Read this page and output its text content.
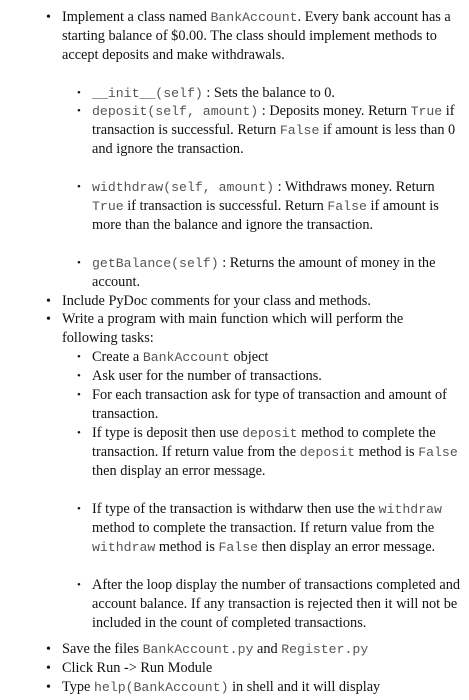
• Implement a class named BankAccount. Every bank account has a starting balance of $0.00. The class should implement methods to accept deposits and make withdrawals.
• __init__(self) : Sets the balance to 0.
• deposit(self, amount) : Deposits money. Return True if transaction is successful. Return False if amount is less than 0 and ignore the transaction.
• widthdraw(self, amount) : Withdraws money. Return True if transaction is successful. Return False if amount is more than the balance and ignore the transaction.
• getBalance(self) : Returns the amount of money in the account.
• Include PyDoc comments for your class and methods.
• Write a program with main function which will perform the following tasks:
• Create a BankAccount object
• Ask user for the number of transactions.
• For each transaction ask for type of transaction and amount of transaction.
• If type is deposit then use deposit method to complete the transaction. If return value from the deposit method is False then display an error message.
• If type of the transaction is withdarw then use the withdraw method to complete the transaction. If return value from the withdraw method is False then display an error message.
• After the loop display the number of transactions completed and account balance. If any transaction is rejected then it will not be included in the count of completed transactions.
• Save the files BankAccount.py and Register.py
• Click Run -> Run Module
• Type help(BankAccount) in shell and it will display
